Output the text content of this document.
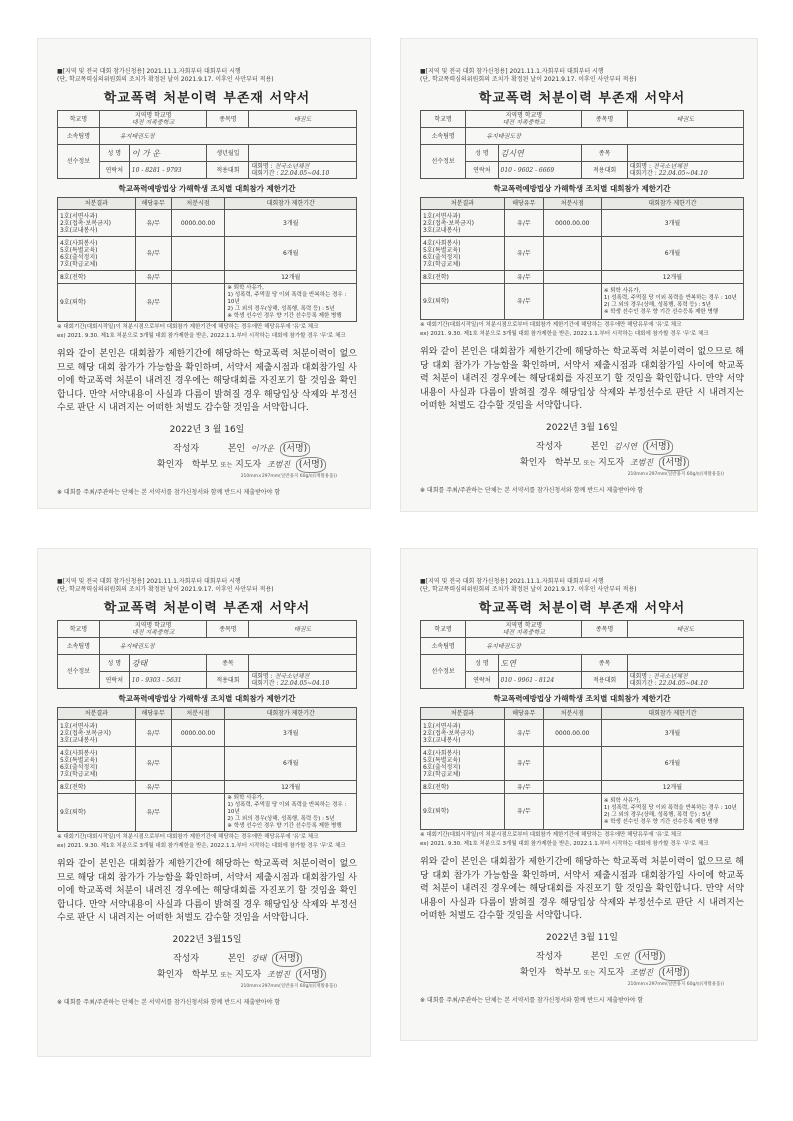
■[지역 및 전국 대회 참가신청용] 2021.11.1.자회부터 대회부터 시행
(단, 학교폭력심의위원회의 조치가 확정된 날이 2021.9.17. 이후인 사안부터 적용)
학교폭력 처분이력 부존재 서약서
학교명	지역명 학교명
대전 지족중학교		종목명	태권도
소속팀명	유지태권도장			
선수정보	성 명	이 가 운	생년월일	
	연락처	10 - 8281 - 9793	적용대회	대회명 : 전국소년체전
대회기간 : 22.04.05~04.10
학교폭력예방법상 가해학생 조치별 대회참가 제한기간
처분결과	해당유무	처분시점	대회참가 제한기간

1호(서면사과)
2호(접촉·보복금지)
3호(교내봉사)	유/무	0000.00.00	3개월

4호(사회봉사)
5호(특별교육)
6호(출석정지)
7호(학급교체)	유/무		6개월

8호(전학)	유/무		12개월

9호(퇴학)	유/무		※ 퇴학 사유가,
1) 성폭력, 주먹질 당 이외 폭력을 반복하는 경우 : 10년
2) 그 외의 경우(상해, 성폭행, 폭력 등) : 5년
※ 학생 선수인 경우 향 기간 선수등록 제한 병행
※ 대회기간(대회시작일)이 처분시점으로부터 대회참가 제한기간에 해당하는 경우에만 해당유무에 '유'로 체크
ex) 2021. 9.30. 제1호 처분으로 3개월 대회 참가제한을 받은, 2022.1.1.부터 시작하는 대회에 참가할 경우 '무'로 체크
위와 같이 본인은 대회참가 제한기간에 해당하는 학교폭력 처분이력이 없으므로 해당 대회 참가가 가능함을 확인하며, 서약서 제출시점과 대회참가일 사이에 학교폭력 처분이 내려진 경우에는 해당대회를 자진포기 할 것임을 확인합니다. 만약 서약내용이 사실과 다름이 밝혀질 경우 해당입상 삭제와 부정선수로 판단 시 내려지는 어떠한 처벌도 감수할 것임을 서약합니다.
2022년 3 월 16일
작성자	본인 이가운 (서명)
확인자 학부모 또는 지도자 조범진 (서명)
210mm×297mm(일반용지 60g/㎡(재활용품))
※ 대회를 주최/주관하는 단체는 본 서약서를 참가신청서와 함께 반드시 제출받아야 함
■[지역 및 전국 대회 참가신청용] 2021.11.1.자회부터 대회부터 시행
(단, 학교폭력심의위원회의 조치가 확정된 날이 2021.9.17. 이후인 사안부터 적용)
학교폭력 처분이력 부존재 서약서
학교명	지역명 학교명
대전 지족중학교		종목명	태권도
소속팀명	유지태권도장			
선수정보	성 명	김시연	종목	
	연락처	010 - 9602 - 6669	적용대회	대회명 : 전국소년체전
대회기간 : 22.04.05~04.10
학교폭력예방법상 가해학생 조치별 대회참가 제한기간
처분결과	해당유무	처분시점	대회참가 제한기간

1호(서면사과)
2호(접촉·보복금지)
3호(교내봉사)	유/무	0000.00.00	3개월

4호(사회봉사)
5호(특별교육)
6호(출석정지)
7호(학급교체)	유/무		6개월

8호(전학)	유/무		12개월

9호(퇴학)	유/무		※ 퇴학 사유가,
1) 성폭력, 주먹질 당 이외 폭력을 반복하는 경우 : 10년
2) 그 외의 경우(상해, 성폭행, 폭력 등) : 5년
※ 학생 선수인 경우 향 기간 선수등록 제한 병행
※ 대회기간(대회시작일)이 처분시점으로부터 대회참가 제한기간에 해당하는 경우에만 해당유무에 '유'로 체크
ex) 2021. 9.30. 제1호 처분으로 3개월 대회 참가제한을 받은, 2022.1.1.부터 시작하는 대회에 참가할 경우 '무'로 체크
위와 같이 본인은 대회참가 제한기간에 해당하는 학교폭력 처분이력이 없으므로 해당 대회 참가가 가능함을 확인하며, 서약서 제출시점과 대회참가일 사이에 학교폭력 처분이 내려진 경우에는 해당대회를 자진포기 할 것임을 확인합니다. 만약 서약내용이 사실과 다름이 밝혀질 경우 해당입상 삭제와 부정선수로 판단 시 내려지는 어떠한 처벌도 감수할 것임을 서약합니다.
2022년 3월 16일
작성자	본인 김시연 (서명)
확인자 학부모 또는 지도자 조범진 (서명)
210mm×297mm(일반용지 60g/㎡(재활용품))
※ 대회를 주최/주관하는 단체는 본 서약서를 참가신청서와 함께 반드시 제출받아야 함
■[지역 및 전국 대회 참가신청용] 2021.11.1.자회부터 대회부터 시행
(단, 학교폭력심의위원회의 조치가 확정된 날이 2021.9.17. 이후인 사안부터 적용)
학교폭력 처분이력 부존재 서약서
학교명	지역명 학교명
대전 지족중학교		종목명	태권도
소속팀명	유지태권도장			
선수정보	성 명	강태	종목	
	연락처	10 - 9303 - 5631	적용대회	대회명 : 전국소년체전
대회기간 : 22.04.05~04.10
학교폭력예방법상 가해학생 조치별 대회참가 제한기간
처분결과	해당유무	처분시점	대회참가 제한기간

1호(서면사과)
2호(접촉·보복금지)
3호(교내봉사)	유/무	0000.00.00	3개월

4호(사회봉사)
5호(특별교육)
6호(출석정지)
7호(학급교체)	유/무		6개월

8호(전학)	유/무		12개월

9호(퇴학)	유/무		※ 퇴학 사유가,
1) 성폭력, 주먹질 당 이외 폭력을 반복하는 경우 : 10년
2) 그 외의 경우(상해, 성폭행, 폭력 등) : 5년
※ 학생 선수인 경우 향 기간 선수등록 제한 병행
※ 대회기간(대회시작일)이 처분시점으로부터 대회참가 제한기간에 해당하는 경우에만 해당유무에 '유'로 체크
ex) 2021. 9.30. 제1호 처분으로 3개월 대회 참가제한을 받은, 2022.1.1.부터 시작하는 대회에 참가할 경우 '무'로 체크
위와 같이 본인은 대회참가 제한기간에 해당하는 학교폭력 처분이력이 없으므로 해당 대회 참가가 가능함을 확인하며, 서약서 제출시점과 대회참가일 사이에 학교폭력 처분이 내려진 경우에는 해당대회를 자진포기 할 것임을 확인합니다. 만약 서약내용이 사실과 다름이 밝혀질 경우 해당입상 삭제와 부정선수로 판단 시 내려지는 어떠한 처벌도 감수할 것임을 서약합니다.
2022년 3월15일
작성자	본인 강태 (서명)
확인자 학부모 또는 지도자 조범진 (서명)
210mm×297mm(일반용지 60g/㎡(재활용품))
※ 대회를 주최/주관하는 단체는 본 서약서를 참가신청서와 함께 반드시 제출받아야 함
■[지역 및 전국 대회 참가신청용] 2021.11.1.자회부터 대회부터 시행
(단, 학교폭력심의위원회의 조치가 확정된 날이 2021.9.17. 이후인 사안부터 적용)
학교폭력 처분이력 부존재 서약서
학교명	지역명 학교명
대전 지족중학교		종목명	태권도
소속팀명	유지태권도장			
선수정보	성 명	도연	종목	
	연락처	010 - 9961 - 8124	적용대회	대회명 : 전국소년체전
대회기간 : 22.04.05~04.10
학교폭력예방법상 가해학생 조치별 대회참가 제한기간
처분결과	해당유무	처분시점	대회참가 제한기간

1호(서면사과)
2호(접촉·보복금지)
3호(교내봉사)	유/무	0000.00.00	3개월

4호(사회봉사)
5호(특별교육)
6호(출석정지)
7호(학급교체)	유/무		6개월

8호(전학)	유/무		12개월

9호(퇴학)	유/무		※ 퇴학 사유가,
1) 성폭력, 주먹질 당 이외 폭력을 반복하는 경우 : 10년
2) 그 외의 경우(상해, 성폭행, 폭력 등) : 5년
※ 학생 선수인 경우 향 기간 선수등록 제한 병행
※ 대회기간(대회시작일)이 처분시점으로부터 대회참가 제한기간에 해당하는 경우에만 해당유무에 '유'로 체크
ex) 2021. 9.30. 제1호 처분으로 3개월 대회 참가제한을 받은, 2022.1.1.부터 시작하는 대회에 참가할 경우 '무'로 체크
위와 같이 본인은 대회참가 제한기간에 해당하는 학교폭력 처분이력이 없으므로 해당 대회 참가가 가능함을 확인하며, 서약서 제출시점과 대회참가일 사이에 학교폭력 처분이 내려진 경우에는 해당대회를 자진포기 할 것임을 확인합니다. 만약 서약내용이 사실과 다름이 밝혀질 경우 해당입상 삭제와 부정선수로 판단 시 내려지는 어떠한 처벌도 감수할 것임을 서약합니다.
2022년 3월 11일
작성자	본인 도연 (서명)
확인자 학부모 또는 지도자 조범진 (서명)
210mm×297mm(일반용지 60g/㎡(재활용품))
※ 대회를 주최/주관하는 단체는 본 서약서를 참가신청서와 함께 반드시 제출받아야 함
